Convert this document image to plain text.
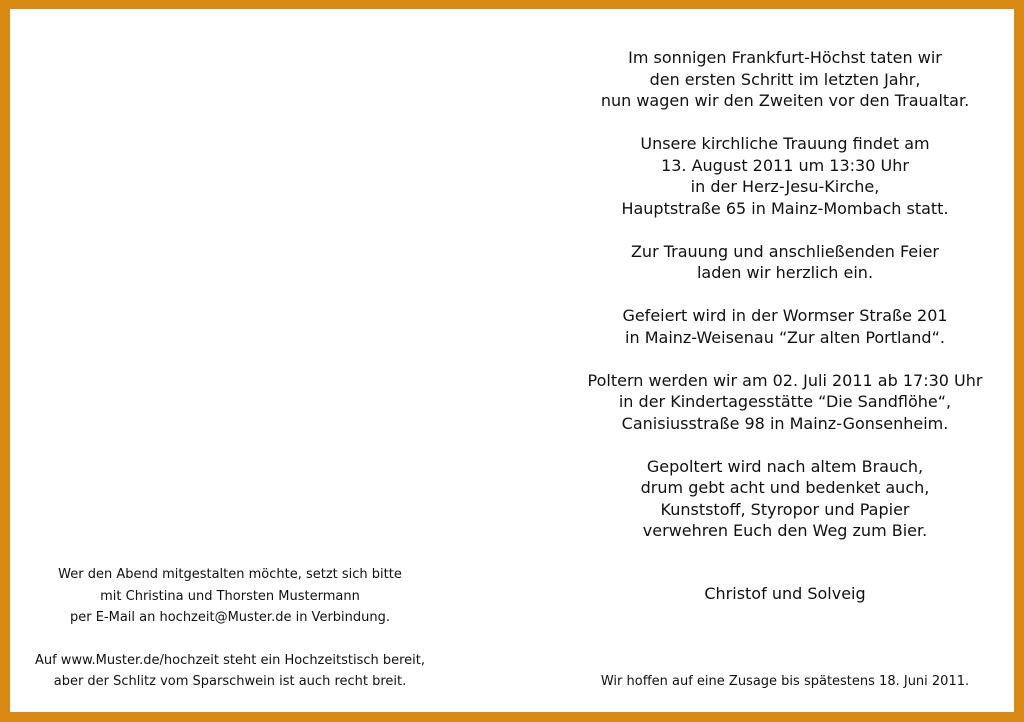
Im sonnigen Frankfurt-Höchst taten wir
den ersten Schritt im letzten Jahr,
nun wagen wir den Zweiten vor den Traualtar.

Unsere kirchliche Trauung findet am
13. August 2011 um 13:30 Uhr
in der Herz-Jesu-Kirche,
Hauptstraße 65 in Mainz-Mombach statt.

Zur Trauung und anschließenden Feier
laden wir herzlich ein.

Gefeiert wird in der Wormser Straße 201
in Mainz-Weisenau “Zur alten Portland“.

Poltern werden wir am 02. Juli 2011 ab 17:30 Uhr
in der Kindertagesstätte “Die Sandflöhe“,
Canisiusstraße 98 in Mainz-Gonsenheim.

Gepoltert wird nach altem Brauch,
drum gebt acht und bedenket auch,
Kunststoff, Styropor und Papier
verwehren Euch den Weg zum Bier.

Christof und Solveig
Wir hoffen auf eine Zusage bis spätestens 18. Juni 2011.

Wer den Abend mitgestalten möchte, setzt sich bitte
mit Christina und Thorsten Mustermann
per E-Mail an hochzeit@Muster.de in Verbindung.

Auf www.Muster.de/hochzeit steht ein Hochzeitstisch bereit,
aber der Schlitz vom Sparschwein ist auch recht breit.
